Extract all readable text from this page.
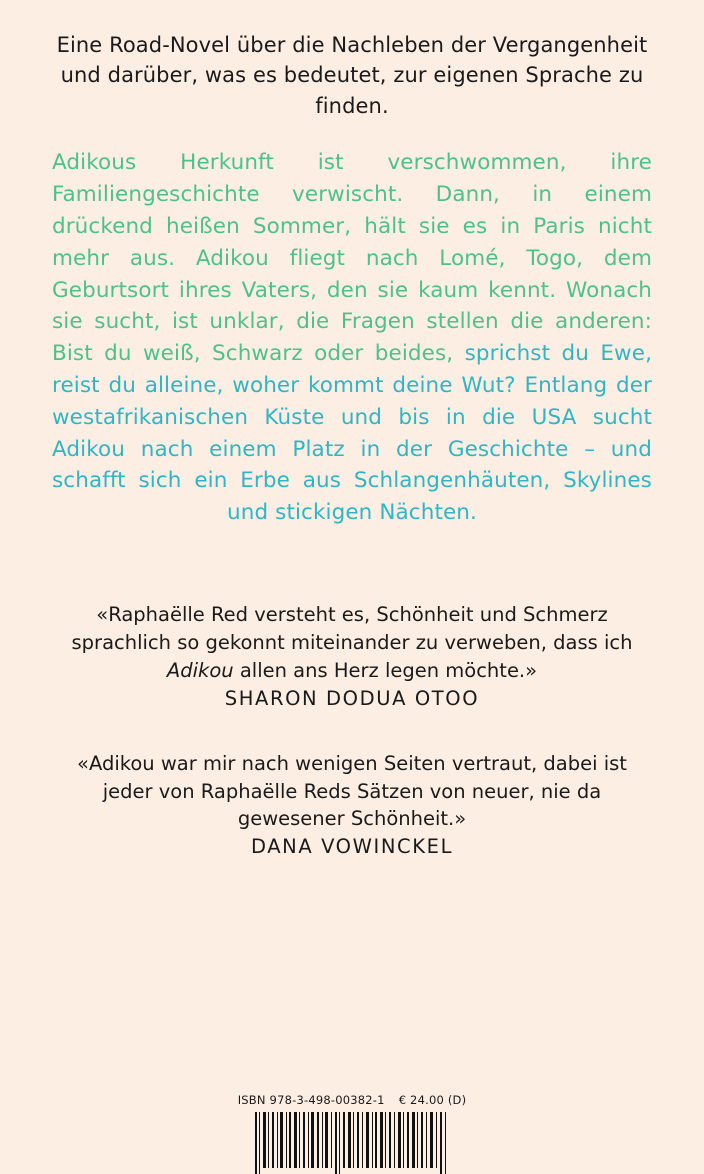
Eine Road-Novel über die Nachleben der Vergangenheit und darüber, was es bedeutet, zur eigenen Sprache zu finden.
Adikous Herkunft ist verschwommen, ihre Familiengeschichte verwischt. Dann, in einem drückend heißen Sommer, hält sie es in Paris nicht mehr aus. Adikou fliegt nach Lomé, Togo, dem Geburtsort ihres Vaters, den sie kaum kennt. Wonach sie sucht, ist unklar, die Fragen stellen die anderen: Bist du weiß, Schwarz oder beides, sprichst du Ewe, reist du alleine, woher kommt deine Wut? Entlang der westafrikanischen Küste und bis in die USA sucht Adikou nach einem Platz in der Geschichte – und schafft sich ein Erbe aus Schlangenhäuten, Skylines und stickigen Nächten.
«Raphaëlle Red versteht es, Schönheit und Schmerz sprachlich so gekonnt miteinander zu verweben, dass ich Adikou allen ans Herz legen möchte.»
SHARON DODUA OTOO
«Adikou war mir nach wenigen Seiten vertraut, dabei ist jeder von Raphaëlle Reds Sätzen von neuer, nie da gewesener Schönheit.»
DANA VOWINCKEL
ISBN 978-3-498-00382-1 € 24.00 (D)
